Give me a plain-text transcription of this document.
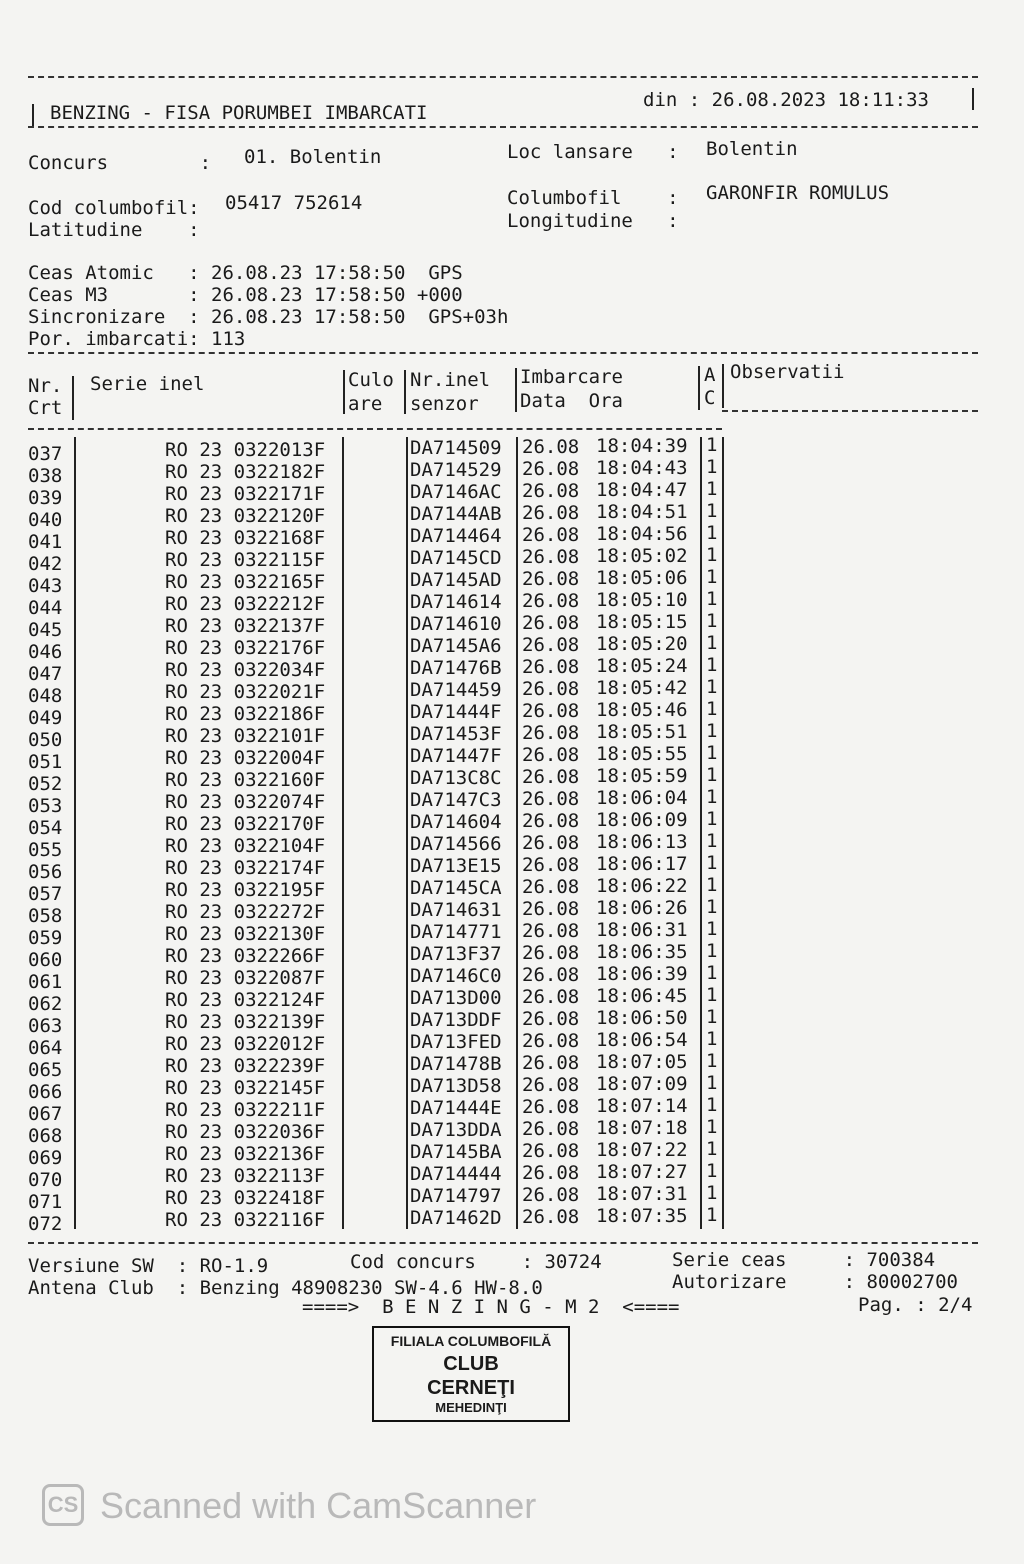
BENZING - FISA PORUMBEI IMBARCATI
din : 26.08.2023 18:11:33
Concurs        : 01. Bolentin	Loc lansare   : Bolentin
Cod columbofil: 05417 752614	Columbofil    : GARONFIR ROMULUS
Latitudine    :	Longitudine   :
Ceas Atomic   : 26.08.23 17:58:50  GPS
Ceas M3       : 26.08.23 17:58:50 +000
Sincronizare  : 26.08.23 17:58:50  GPS+03h
Por. imbarcati: 113
Nr.
Crt
Serie inel	Culo
are
Nr.inel
senzor
Imbarcare
Data  Ora
A
C
Observatii
037	RO 23 0322013F	DA714509 26.08 18:04:39 1
038	RO 23 0322182F	DA714529 26.08 18:04:43 1
039	RO 23 0322171F	DA7146AC 26.08 18:04:47 1
040	RO 23 0322120F	DA7144AB 26.08 18:04:51 1
041	RO 23 0322168F	DA714464 26.08 18:04:56 1
042	RO 23 0322115F	DA7145CD 26.08 18:05:02 1
043	RO 23 0322165F	DA7145AD 26.08 18:05:06 1
044	RO 23 0322212F	DA714614 26.08 18:05:10 1
045	RO 23 0322137F	DA714610 26.08 18:05:15 1
046	RO 23 0322176F	DA7145A6 26.08 18:05:20 1
047	RO 23 0322034F	DA71476B 26.08 18:05:24 1
048	RO 23 0322021F	DA714459 26.08 18:05:42 1
049	RO 23 0322186F	DA71444F 26.08 18:05:46 1
050	RO 23 0322101F	DA71453F 26.08 18:05:51 1
051	RO 23 0322004F	DA71447F 26.08 18:05:55 1
052	RO 23 0322160F	DA713C8C 26.08 18:05:59 1
053	RO 23 0322074F	DA7147C3 26.08 18:06:04 1
054	RO 23 0322170F	DA714604 26.08 18:06:09 1
055	RO 23 0322104F	DA714566 26.08 18:06:13 1
056	RO 23 0322174F	DA713E15 26.08 18:06:17 1
057	RO 23 0322195F	DA7145CA 26.08 18:06:22 1
058	RO 23 0322272F	DA714631 26.08 18:06:26 1
059	RO 23 0322130F	DA714771 26.08 18:06:31 1
060	RO 23 0322266F	DA713F37 26.08 18:06:35 1
061	RO 23 0322087F	DA7146C0 26.08 18:06:39 1
062	RO 23 0322124F	DA713D00 26.08 18:06:45 1
063	RO 23 0322139F	DA713DDF 26.08 18:06:50 1
064	RO 23 0322012F	DA713FED 26.08 18:06:54 1
065	RO 23 0322239F	DA71478B 26.08 18:07:05 1
066	RO 23 0322145F	DA713D58 26.08 18:07:09 1
067	RO 23 0322211F	DA71444E 26.08 18:07:14 1
068	RO 23 0322036F	DA713DDA 26.08 18:07:18 1
069	RO 23 0322136F	DA7145BA 26.08 18:07:22 1
070	RO 23 0322113F	DA714444 26.08 18:07:27 1
071	RO 23 0322418F	DA714797 26.08 18:07:31 1
072	RO 23 0322116F	DA71462D 26.08 18:07:35 1
Versiune SW  : RO-1.9	Cod concurs    : 30724	Serie ceas     : 700384
Antena Club  : Benzing 48908230 SW-4.6 HW-8.0	Autorizare     : 80002700
====>  B E N Z I N G - M 2  <====	Pag. : 2/4
FILIALA COLUMBOFILĂ
CLUB
CERNEŢI
MEHEDINŢI
CS Scanned with CamScanner
